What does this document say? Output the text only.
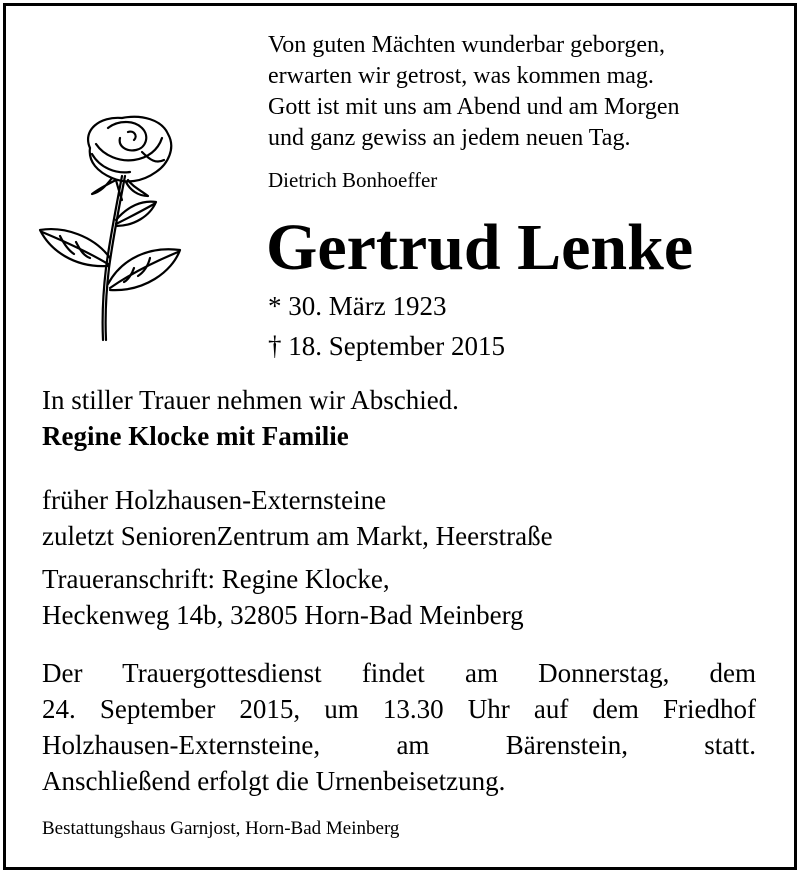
Von guten Mächten wunderbar geborgen,
erwarten wir getrost, was kommen mag.
Gott ist mit uns am Abend und am Morgen
und ganz gewiss an jedem neuen Tag.
Dietrich Bonhoeffer
Gertrud Lenke
* 30. März 1923
† 18. September 2015
In stiller Trauer nehmen wir Abschied.
Regine Klocke mit Familie
früher Holzhausen-Externsteine
zuletzt SeniorenZentrum am Markt, Heerstraße
Traueranschrift: Regine Klocke,
Heckenweg 14b, 32805 Horn-Bad Meinberg
Der Trauergottesdienst findet am Donnerstag, dem
24. September 2015, um 13.30 Uhr auf dem Friedhof
Holzhausen-Externsteine, am Bärenstein, statt.
Anschließend erfolgt die Urnenbeisetzung.
Bestattungshaus Garnjost, Horn-Bad Meinberg
